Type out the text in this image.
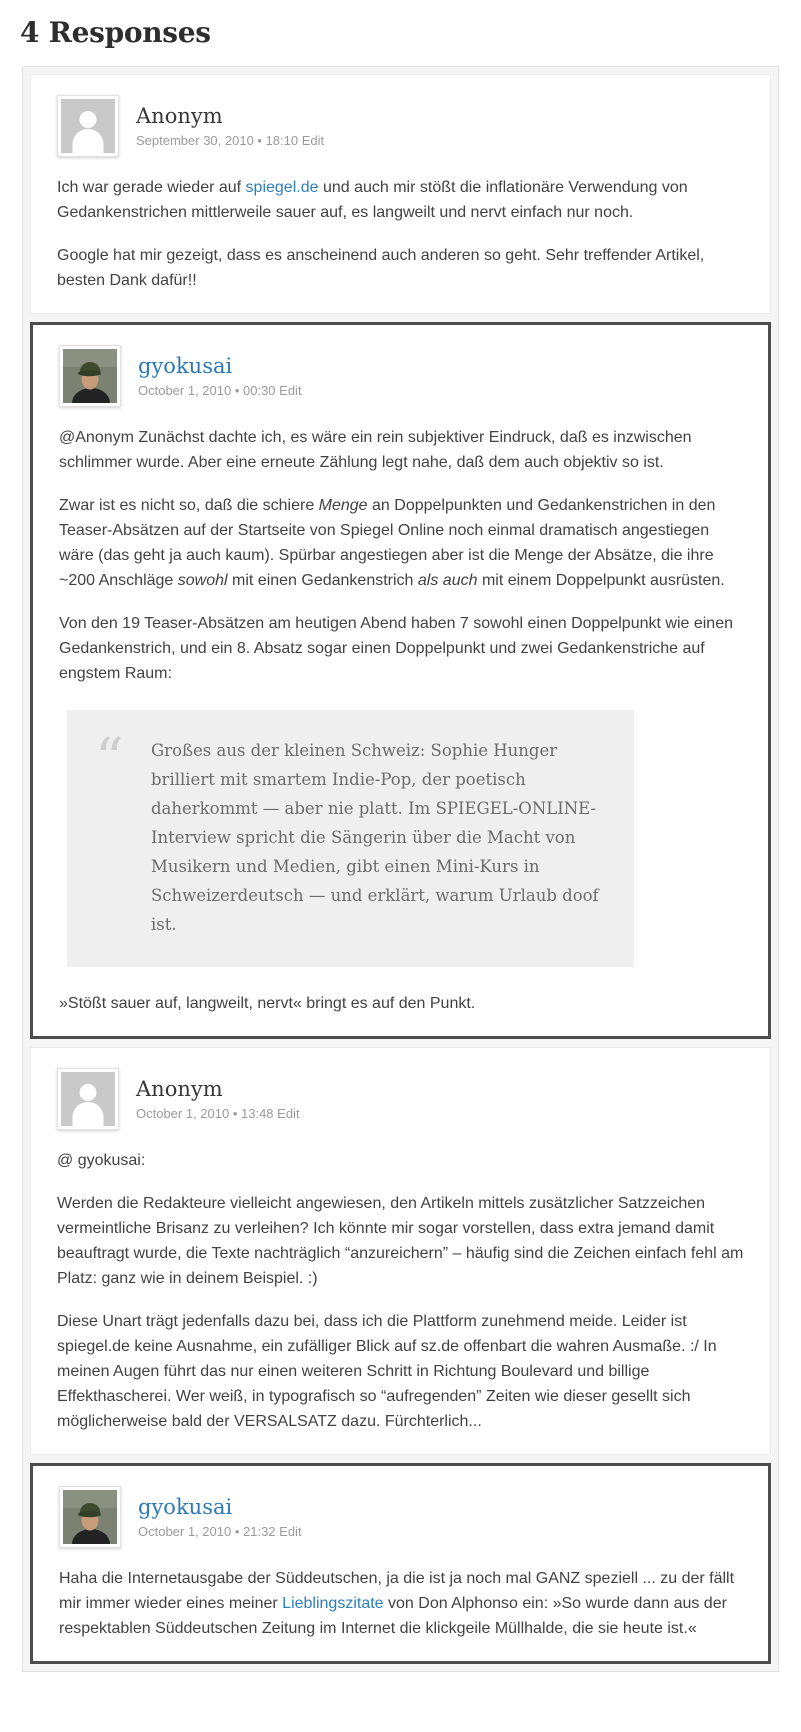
4 Responses
Anonym
September 30, 2010 • 18:10 Edit

Ich war gerade wieder auf spiegel.de und auch mir stößt die inflationäre Verwendung von Gedankenstrichen mittlerweile sauer auf, es langweilt und nervt einfach nur noch.

Google hat mir gezeigt, dass es anscheinend auch anderen so geht. Sehr treffender Artikel, besten Dank dafür!!

gyokusai
October 1, 2010 • 00:30 Edit

@Anonym Zunächst dachte ich, es wäre ein rein subjektiver Eindruck, daß es inzwischen schlimmer wurde. Aber eine erneute Zählung legt nahe, daß dem auch objektiv so ist.

Zwar ist es nicht so, daß die schiere Menge an Doppelpunkten und Gedankenstrichen in den Teaser-Absätzen auf der Startseite von Spiegel Online noch einmal dramatisch angestiegen wäre (das geht ja auch kaum). Spürbar angestiegen aber ist die Menge der Absätze, die ihre ~200 Anschläge sowohl mit einen Gedankenstrich als auch mit einem Doppelpunkt ausrüsten.

Von den 19 Teaser-Absätzen am heutigen Abend haben 7 sowohl einen Doppelpunkt wie einen Gedankenstrich, und ein 8. Absatz sogar einen Doppelpunkt und zwei Gedankenstriche auf engstem Raum:

“	Großes aus der kleinen Schweiz: Sophie Hunger brilliert mit smartem Indie-Pop, der poetisch daherkommt — aber nie platt. Im SPIEGEL-ONLINE-Interview spricht die Sängerin über die Macht von Musikern und Medien, gibt einen Mini-Kurs in Schweizerdeutsch — und erklärt, warum Urlaub doof ist.

»Stößt sauer auf, langweilt, nervt« bringt es auf den Punkt.

Anonym
October 1, 2010 • 13:48 Edit

@ gyokusai:

Werden die Redakteure vielleicht angewiesen, den Artikeln mittels zusätzlicher Satzzeichen vermeintliche Brisanz zu verleihen? Ich könnte mir sogar vorstellen, dass extra jemand damit beauftragt wurde, die Texte nachträglich “anzureichern” – häufig sind die Zeichen einfach fehl am Platz: ganz wie in deinem Beispiel. :)

Diese Unart trägt jedenfalls dazu bei, dass ich die Plattform zunehmend meide. Leider ist spiegel.de keine Ausnahme, ein zufälliger Blick auf sz.de offenbart die wahren Ausmaße. :/ In meinen Augen führt das nur einen weiteren Schritt in Richtung Boulevard und billige Effekthascherei. Wer weiß, in typografisch so “aufregenden” Zeiten wie dieser gesellt sich möglicherweise bald der VERSALSATZ dazu. Fürchterlich...

gyokusai
October 1, 2010 • 21:32 Edit

Haha die Internetausgabe der Süddeutschen, ja die ist ja noch mal GANZ speziell ... zu der fällt mir immer wieder eines meiner Lieblingszitate von Don Alphonso ein: »So wurde dann aus der respektablen Süddeutschen Zeitung im Internet die klickgeile Müllhalde, die sie heute ist.«
